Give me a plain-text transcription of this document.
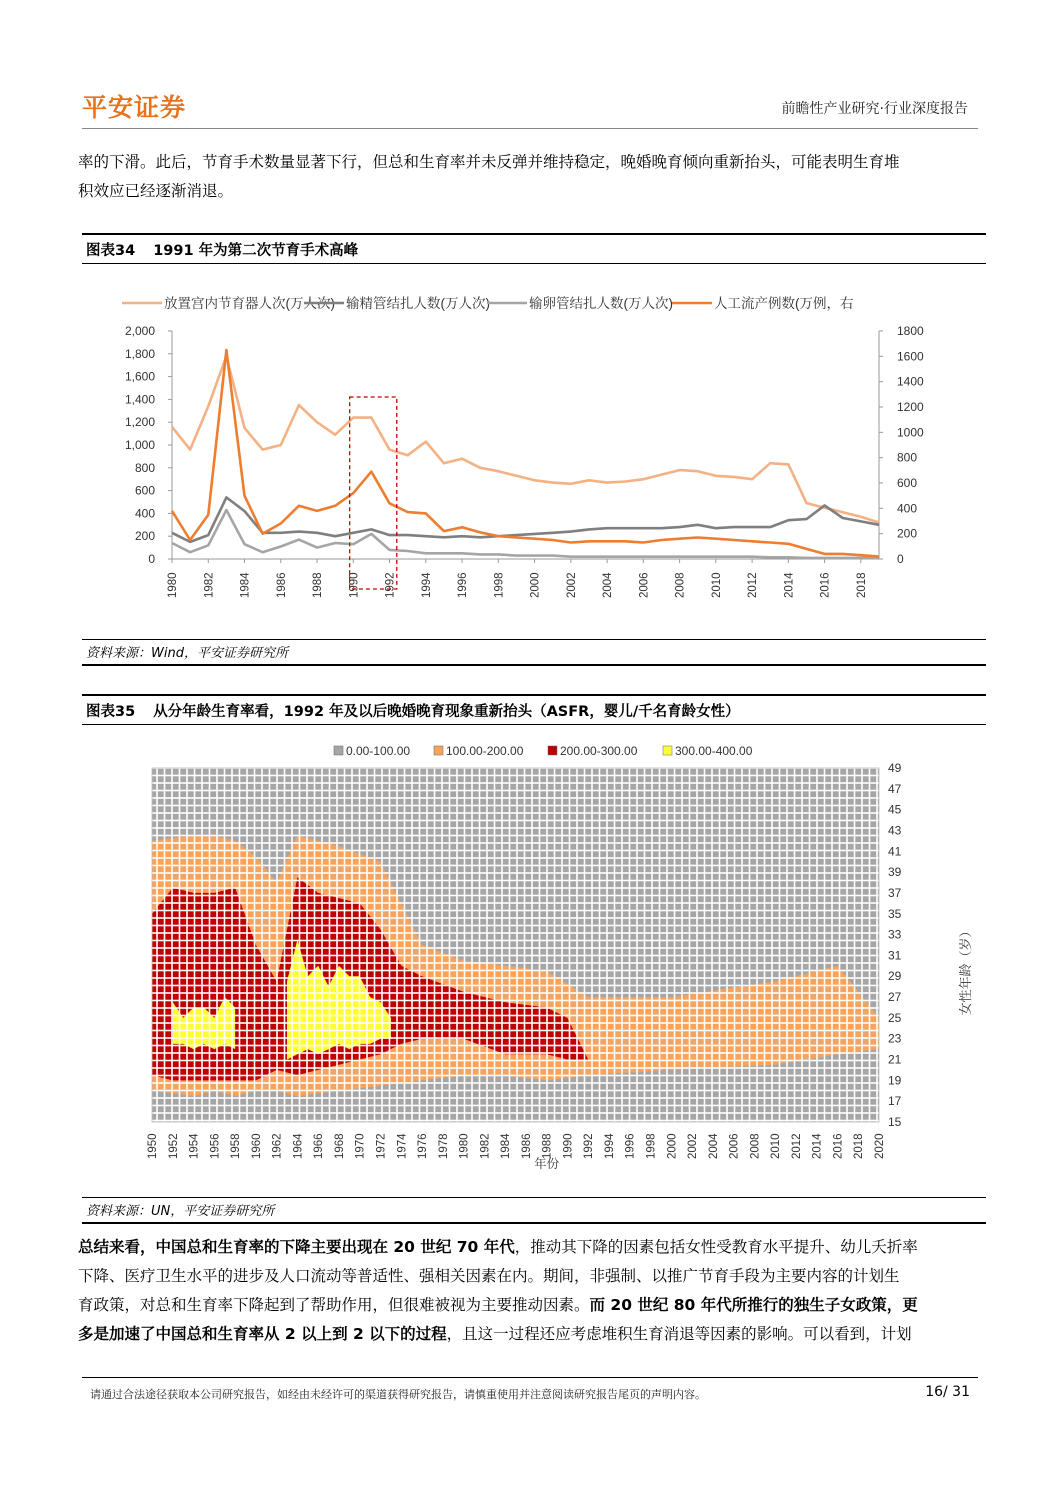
平安证券	前瞻性产业研究·行业深度报告
率的下滑。此后，节育手术数量显著下行，但总和生育率并未反弹并维持稳定，晚婚晚育倾向重新抬头，可能表明生育堆
积效应已经逐渐消退。
图表34 1991 年为第二次节育手术高峰
放置宫内节育器人次(万人次) 输精管结扎人数(万人次)	输卵管结扎人数(万人次)	人工流产例数(万例，右
2,000
1,800
1,600
1,400
1,200
1,000
800
600
400
200
0
1800
1600
1400
1200
1000
800
600
400
200
0
1980 1982 1984 1986 1988 1990 1992 1994 1996 1998 2000 2002 2004 2006 2008 2010 2012 2014 2016 2018
资料来源：Wind，平安证券研究所
图表35 从分年龄生育率看，1992 年及以后晚婚晚育现象重新抬头（ASFR，婴儿/千名育龄女性）
0.00-100.00	100.00-200.00	200.00-300.00	300.00-400.00
49
47
45
43
41
39
37
35
33
31
29
27
25
23
21
19
17
15
1950 1952 1954 1956 1958 1960 1962 1964 1966 1968 1970 1972 1974 1976 1978 1980 1982 1984 1986 1988 1990 1992 1994 1996 1998 2000 2002 2004 2006 2008 2010 2012 2014 2016 2018 2020
年份
女性年龄（岁）
资料来源：UN，平安证券研究所
总结来看，中国总和生育率的下降主要出现在 20 世纪 70 年代，推动其下降的因素包括女性受教育水平提升、幼儿夭折率
下降、医疗卫生水平的进步及人口流动等普适性、强相关因素在内。期间，非强制、以推广节育手段为主要内容的计划生
育政策，对总和生育率下降起到了帮助作用，但很难被视为主要推动因素。而 20 世纪 80 年代所推行的独生子女政策，更
多是加速了中国总和生育率从 2 以上到 2 以下的过程，且这一过程还应考虑堆积生育消退等因素的影响。可以看到，计划
请通过合法途径获取本公司研究报告，如经由未经许可的渠道获得研究报告，请慎重使用并注意阅读研究报告尾页的声明内容。	16/ 31
